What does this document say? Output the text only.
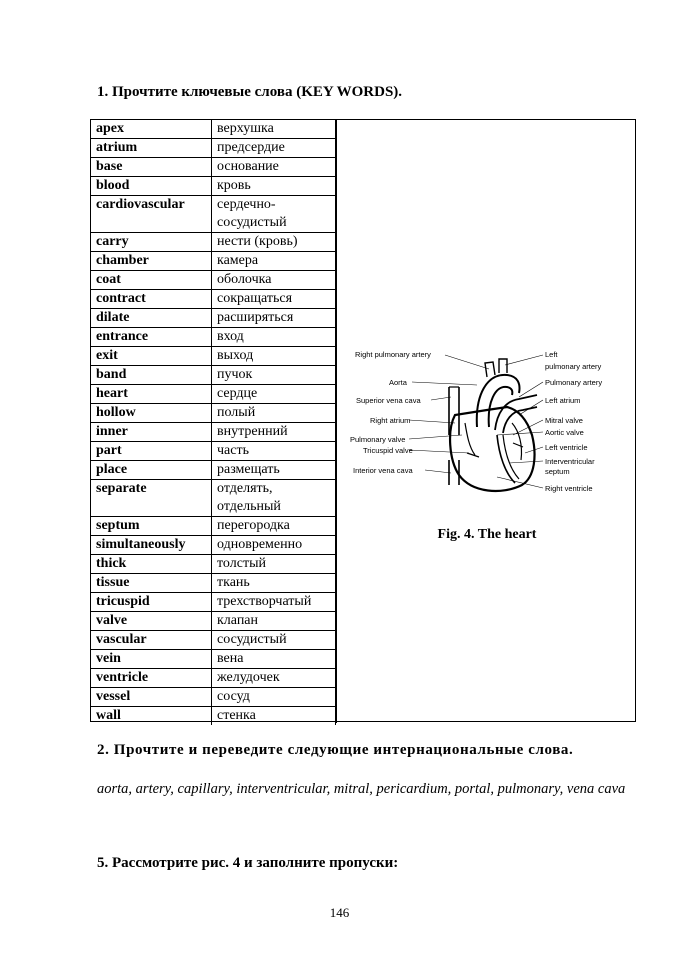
1. Прочтите ключевые слова (KEY WORDS).
apex	верхушка
atrium	предсердие
base	основание
blood	кровь
cardiovascular	сердечно-сосудистый
carry	нести (кровь)
chamber	камера
coat	оболочка
contract	сокращаться
dilate	расширяться
entrance	вход
exit	выход
band	пучок
heart	сердце
hollow	полый
inner	внутренний
part	часть
place	размещать
separate	отделять, отдельный
septum	перегородка
simultaneously	одновременно
thick	толстый
tissue	ткань
tricuspid	трехстворчатый
valve	клапан
vascular	сосудистый
vein	вена
ventricle	желудочек
vessel	сосуд
wall	стенка
Right pulmonary artery
Aorta
Superior vena cava
Right atrium
Pulmonary valve
Tricuspid valve
Interior vena cava
Left
pulmonary artery
Pulmonary artery
Left atrium
Mitral valve
Aortic valve
Left ventricle
Interventricular
septum
Right ventricle
Fig. 4. The heart
2. Прочтите и переведите следующие интернациональные слова.
aorta, artery, capillary, interventricular, mitral, pericardium, portal, pulmonary, vena cava
5. Рассмотрите рис. 4 и заполните пропуски:
146
